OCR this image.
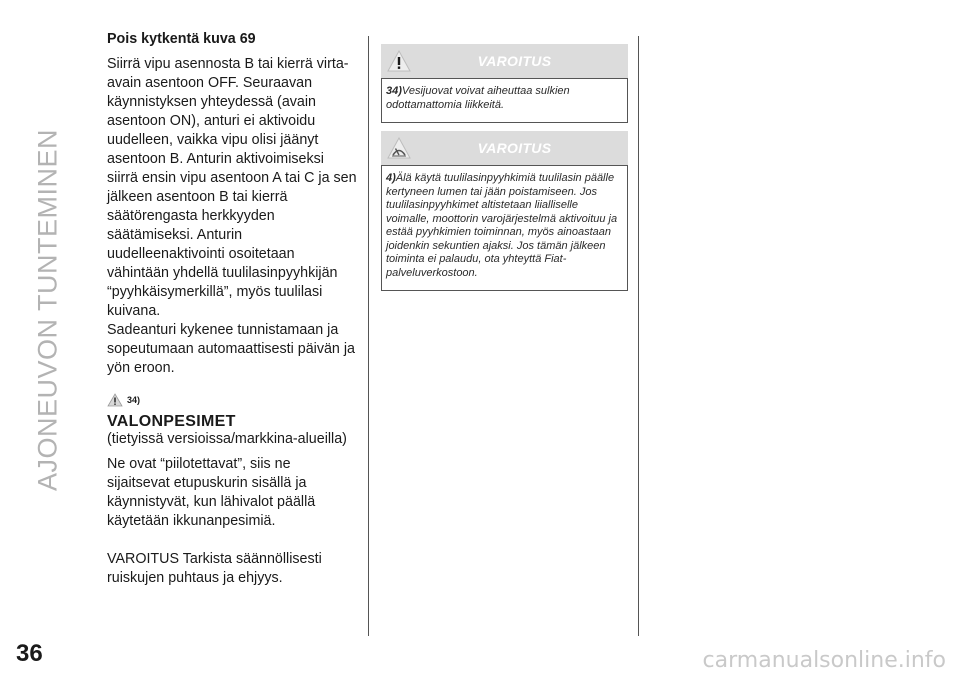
AJONEUVON TUNTEMINEN
Pois kytkentä kuva 69

Siirrä vipu asennosta B tai kierrä virta-avain asentoon OFF. Seuraavan käynnistyksen yhteydessä (avain asentoon ON), anturi ei aktivoidu uudelleen, vaikka vipu olisi jäänyt asentoon B. Anturin aktivoimiseksi siirrä ensin vipu asentoon A tai C ja sen jälkeen asentoon B tai kierrä säätörengasta herkkyyden säätämiseksi. Anturin uudelleenaktivointi osoitetaan vähintään yhdellä tuulilasinpyyhkijän “pyyhkäisymerkillä”, myös tuulilasi kuivana.

Sadeanturi kykenee tunnistamaan ja sopeutumaan automaattisesti päivän ja yön eroon.

34)
VALONPESIMET

(tietyissä versioissa/markkina-alueilla)

Ne ovat “piilotettavat”, siis ne sijaitsevat etupuskurin sisällä ja käynnistyvät, kun lähivalot päällä käytetään ikkunanpesimiä.

VAROITUS Tarkista säännöllisesti ruiskujen puhtaus ja ehjyys.

VAROITUS
34)Vesijuovat voivat aiheuttaa sulkien odottamattomia liikkeitä.
VAROITUS
4)Älä käytä tuulilasinpyyhkimiä tuulilasin päälle kertyneen lumen tai jään poistamiseen. Jos tuulilasinpyyhkimet altistetaan liialliselle voimalle, moottorin varojärjestelmä aktivoituu ja estää pyyhkimien toiminnan, myös ainoastaan joidenkin sekuntien ajaksi. Jos tämän jälkeen toiminta ei palaudu, ota yhteyttä Fiat-palveluverkostoon.
36	carmanualsonline.info
